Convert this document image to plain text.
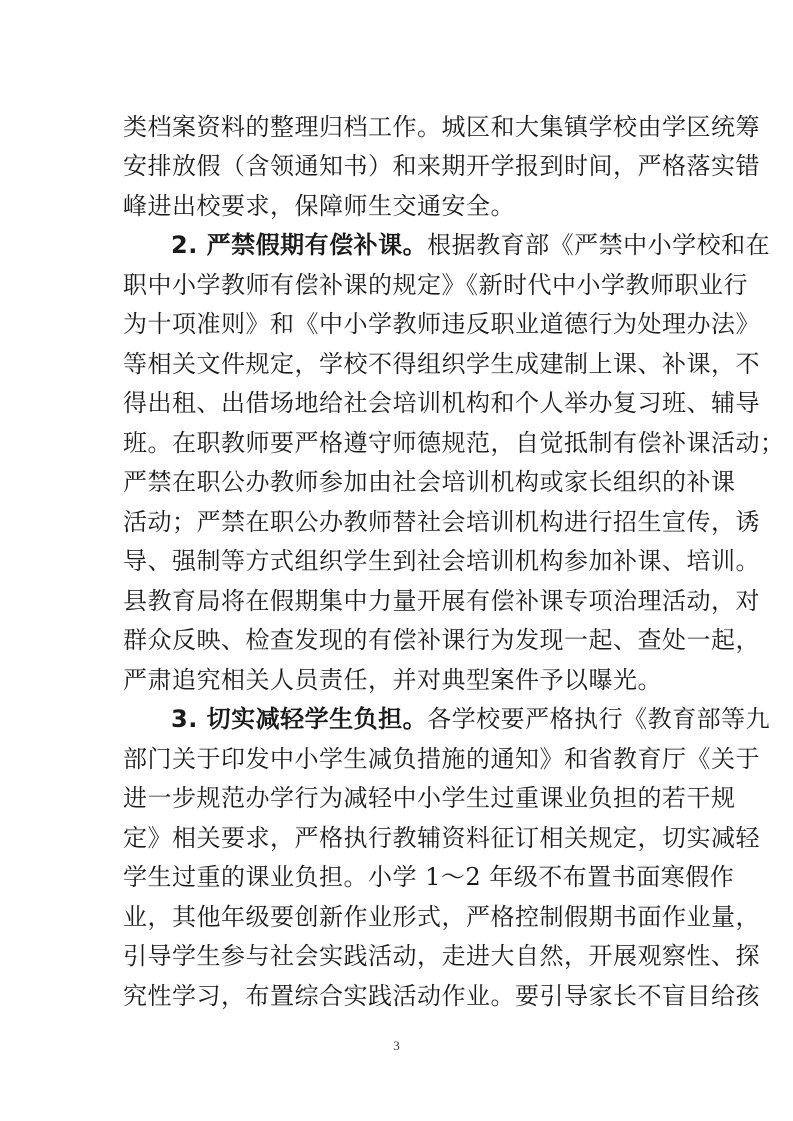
类档案资料的整理归档工作。城区和大集镇学校由学区统筹
安排放假（含领通知书）和来期开学报到时间，严格落实错
峰进出校要求，保障师生交通安全。
2. 严禁假期有偿补课。根据教育部《严禁中小学校和在
职中小学教师有偿补课的规定》《新时代中小学教师职业行
为十项准则》和《中小学教师违反职业道德行为处理办法》
等相关文件规定，学校不得组织学生成建制上课、补课，不
得出租、出借场地给社会培训机构和个人举办复习班、辅导
班。在职教师要严格遵守师德规范，自觉抵制有偿补课活动；
严禁在职公办教师参加由社会培训机构或家长组织的补课
活动；严禁在职公办教师替社会培训机构进行招生宣传，诱
导、强制等方式组织学生到社会培训机构参加补课、培训。
县教育局将在假期集中力量开展有偿补课专项治理活动，对
群众反映、检查发现的有偿补课行为发现一起、查处一起，
严肃追究相关人员责任，并对典型案件予以曝光。
3. 切实减轻学生负担。各学校要严格执行《教育部等九
部门关于印发中小学生减负措施的通知》和省教育厅《关于
进一步规范办学行为减轻中小学生过重课业负担的若干规
定》相关要求，严格执行教辅资料征订相关规定，切实减轻
学生过重的课业负担。小学 1～2 年级不布置书面寒假作
业，其他年级要创新作业形式，严格控制假期书面作业量，
引导学生参与社会实践活动，走进大自然，开展观察性、探
究性学习，布置综合实践活动作业。要引导家长不盲目给孩
3
